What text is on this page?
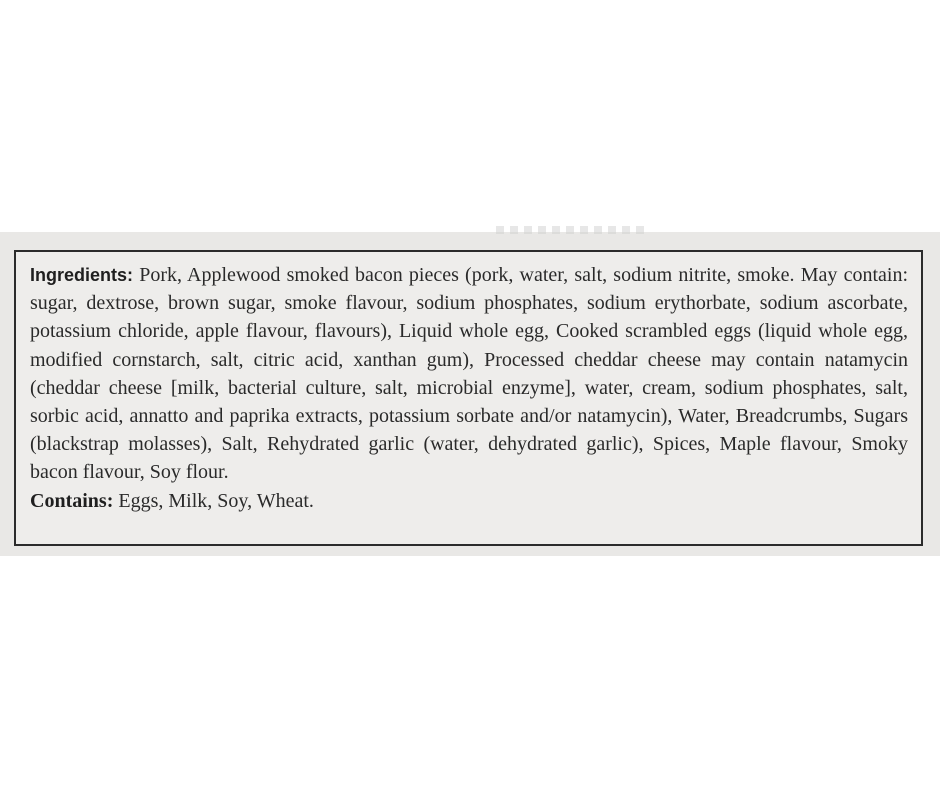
Ingredients: Pork, Applewood smoked bacon pieces (pork, water, salt, sodium nitrite, smoke. May contain: sugar, dextrose, brown sugar, smoke flavour, sodium phosphates, sodium erythorbate, sodium ascorbate, potassium chloride, apple flavour, flavours), Liquid whole egg, Cooked scrambled eggs (liquid whole egg, modified cornstarch, salt, citric acid, xanthan gum), Processed cheddar cheese may contain natamycin (cheddar cheese [milk, bacterial culture, salt, microbial enzyme], water, cream, sodium phosphates, salt, sorbic acid, annatto and paprika extracts, potassium sorbate and/or natamycin), Water, Breadcrumbs, Sugars (blackstrap molasses), Salt, Rehydrated garlic (water, dehydrated garlic), Spices, Maple flavour, Smoky bacon flavour, Soy flour.

Contains: Eggs, Milk, Soy, Wheat.
